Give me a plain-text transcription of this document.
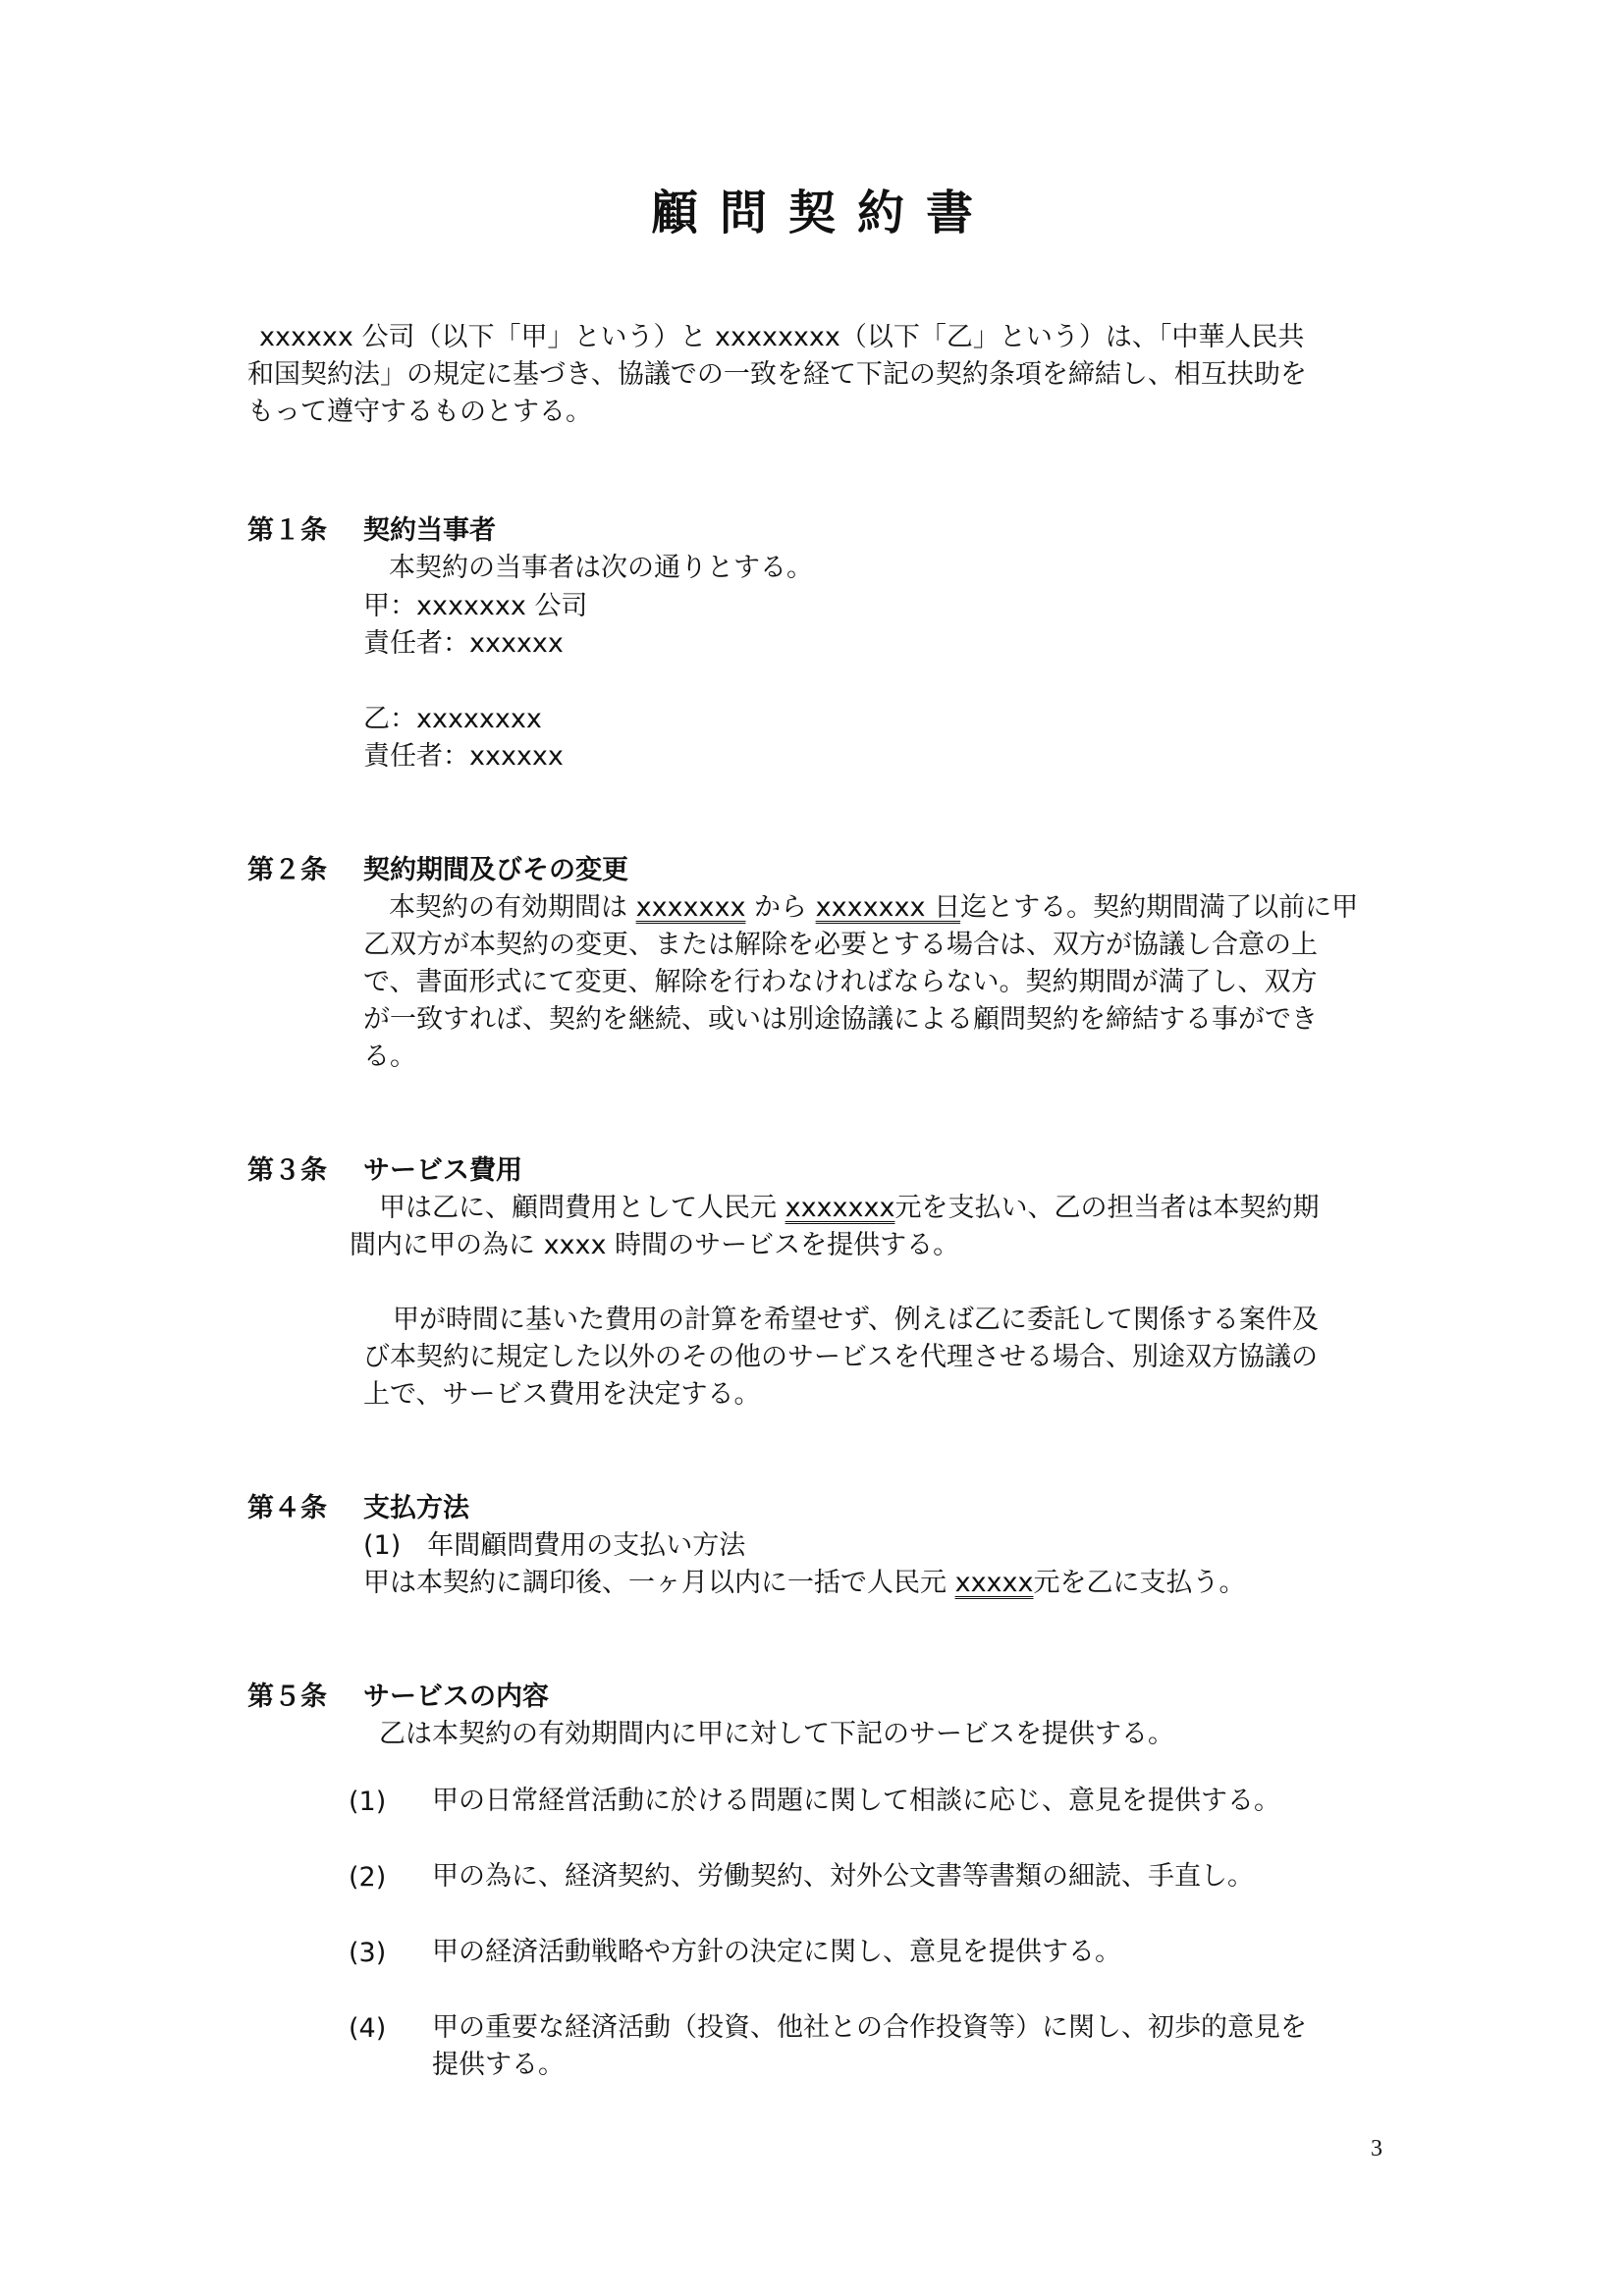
顧問契約書
xxxxxx 公司（以下「甲」という）と xxxxxxxx（以下「乙」という）は、「中華人民共
和国契約法」の規定に基づき、協議での一致を経て下記の契約条項を締結し、相互扶助を
もって遵守するものとする。
第１条 契約当事者
本契約の当事者は次の通りとする。
甲：xxxxxxx 公司
責任者：xxxxxx
乙：xxxxxxxx
責任者：xxxxxx
第２条 契約期間及びその変更
本契約の有効期間は xxxxxxx から xxxxxxx 日迄とする。契約期間満了以前に甲
乙双方が本契約の変更、または解除を必要とする場合は、双方が協議し合意の上
で、書面形式にて変更、解除を行わなければならない。契約期間が満了し、双方
が一致すれば、契約を継続、或いは別途協議による顧問契約を締結する事ができ
る。
第３条 サービス費用
甲は乙に、顧問費用として人民元 xxxxxxx元を支払い、乙の担当者は本契約期
間内に甲の為に xxxx 時間のサービスを提供する。
甲が時間に基いた費用の計算を希望せず、例えば乙に委託して関係する案件及
び本契約に規定した以外のその他のサービスを代理させる場合、別途双方協議の
上で、サービス費用を決定する。
第４条 支払方法
(1)　年間顧問費用の支払い方法
甲は本契約に調印後、一ヶ月以内に一括で人民元 xxxxx元を乙に支払う。
第５条 サービスの内容
乙は本契約の有効期間内に甲に対して下記のサービスを提供する。
(1) 甲の日常経営活動に於ける問題に関して相談に応じ、意見を提供する。
(2) 甲の為に、経済契約、労働契約、対外公文書等書類の細読、手直し。
(3) 甲の経済活動戦略や方針の決定に関し、意見を提供する。
(4) 甲の重要な経済活動（投資、他社との合作投資等）に関し、初歩的意見を
提供する。
3
